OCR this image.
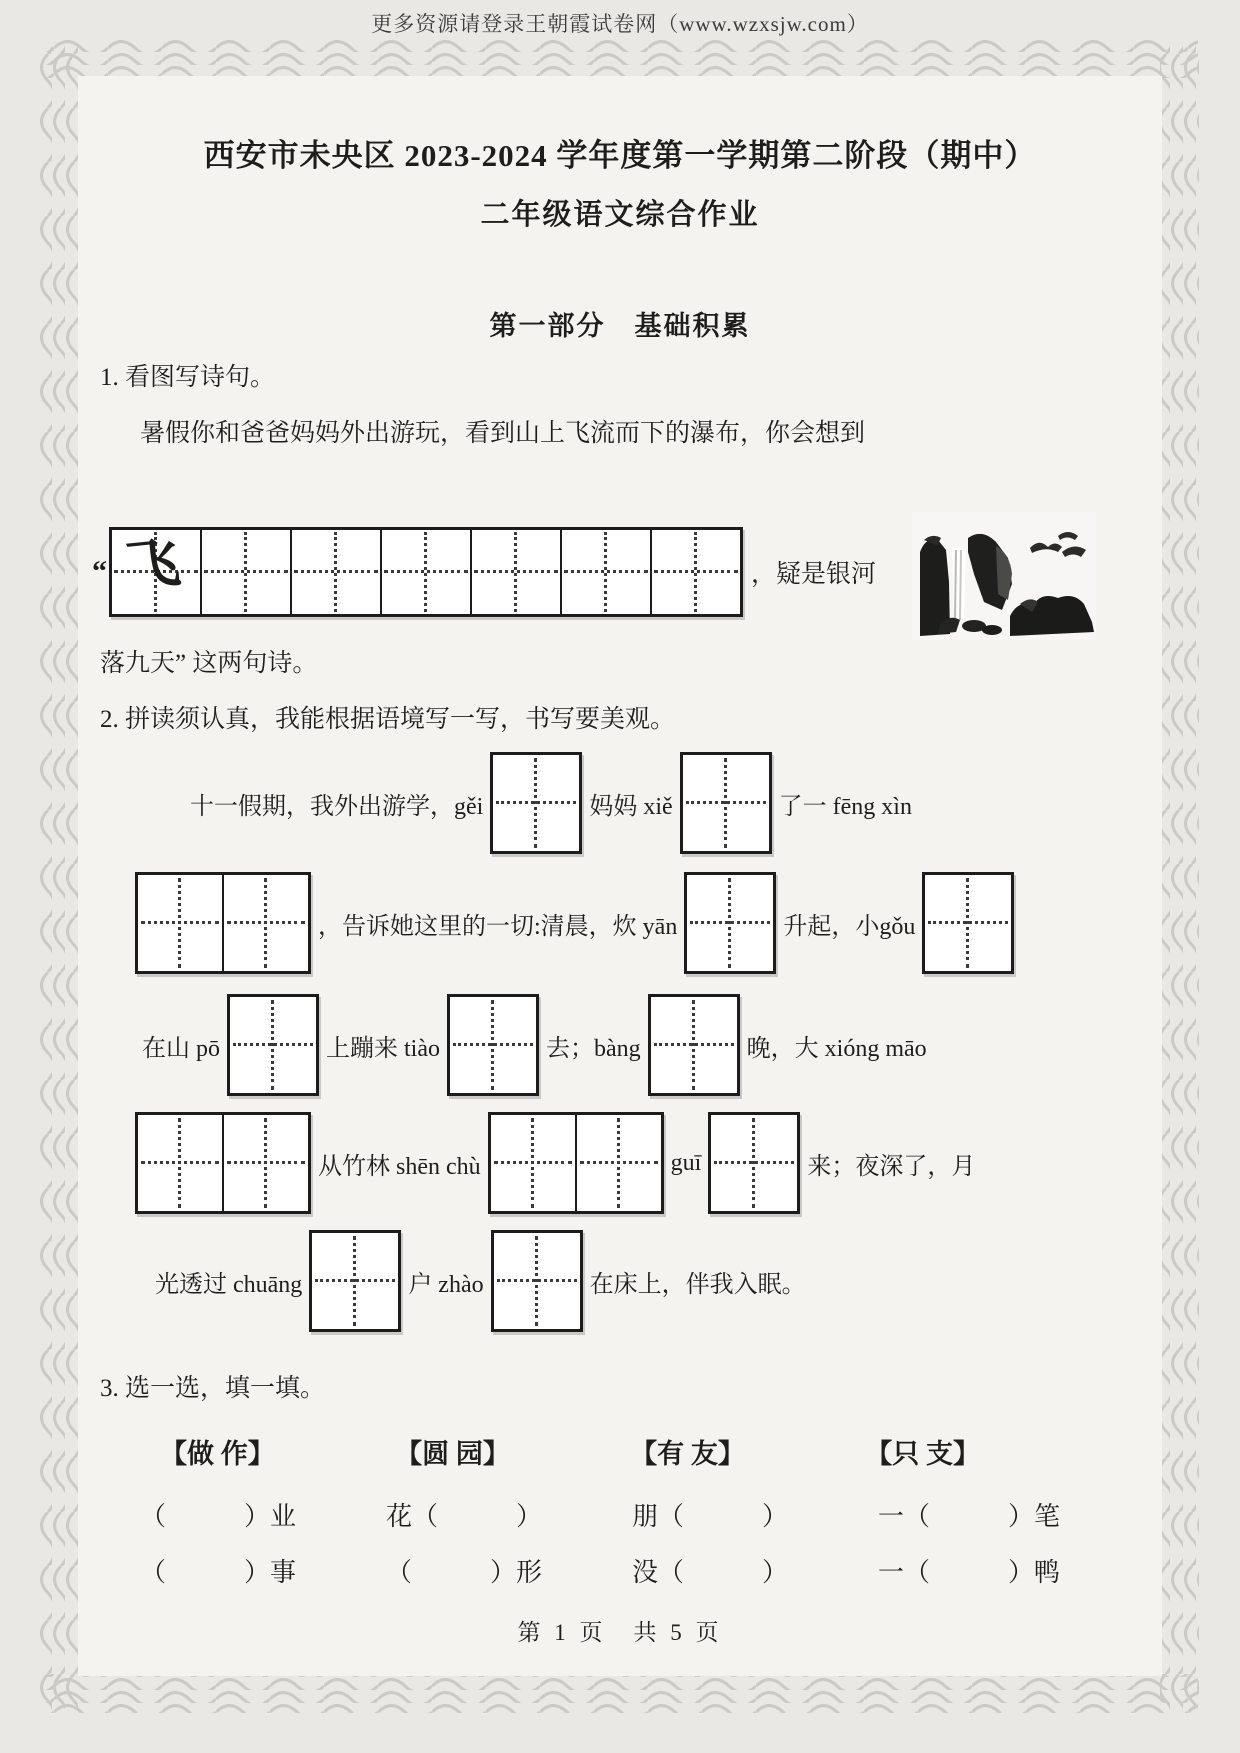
更多资源请登录王朝霞试卷网（www.wzxsjw.com）
西安市未央区 2023-2024 学年度第一学期第二阶段（期中）
二年级语文综合作业
第一部分　基础积累
1. 看图写诗句。
暑假你和爸爸妈妈外出游玩，看到山上飞流而下的瀑布，你会想到
“ 飞	，疑是银河
落九天” 这两句诗。
2. 拼读须认真，我能根据语境写一写，书写要美观。
十一假期，我外出游学，gěi	妈妈 xiě	了一 fēng xìn
，告诉她这里的一切:清晨，炊 yān	升起，小gǒu
在山 pō	上蹦来 tiào	去；bàng	晚，大 xióng māo
从竹林 shēn chù	guī	来；夜深了，月
光透过 chuāng	户 zhào	在床上，伴我入眠。
3. 选一选，填一填。
【做 作】	【圆 园】	【有 友】	【只 支】
（　　　）业	花（　　　）	朋（　　　）	一（　　　）笔
（　　　）事	（　　　）形	没（　　　）	一（　　　）鸭
第 1 页　共 5 页
